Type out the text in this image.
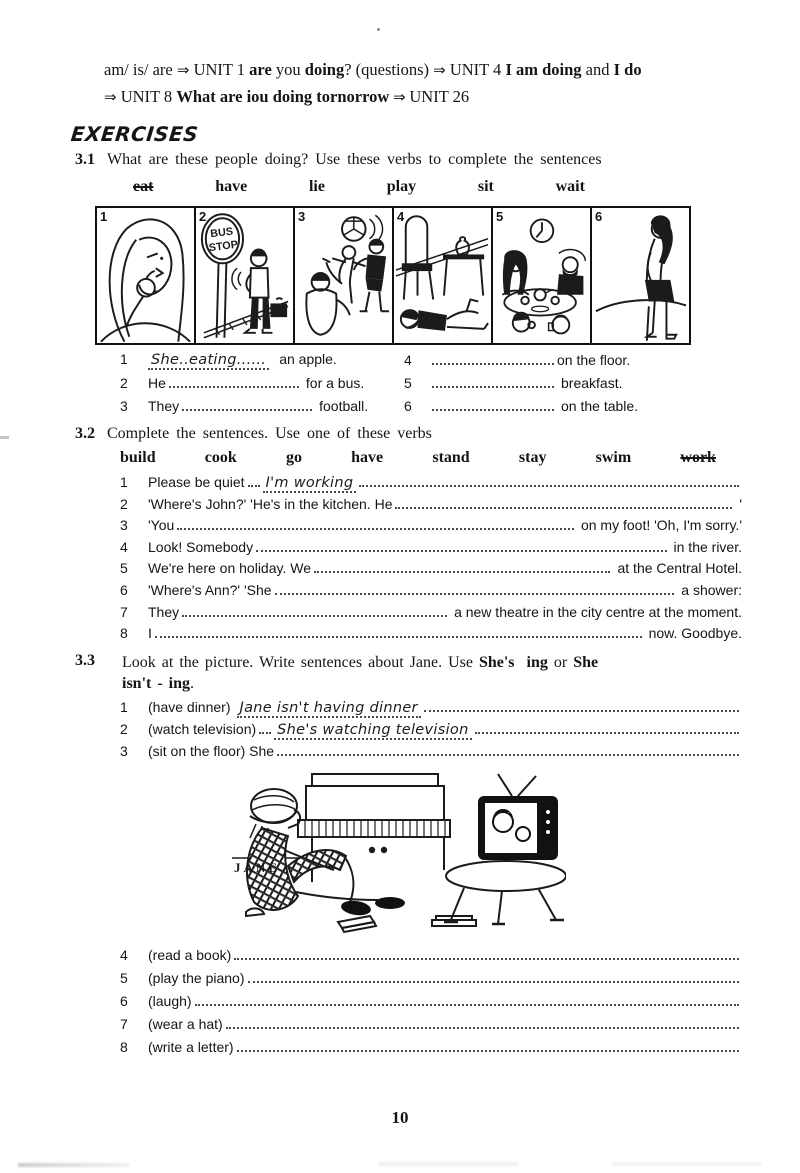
am/ is/ are ⇒ UNIT 1 are you doing? (questions) ⇒ UNIT 4 I am doing and I do

⇒ UNIT 8 What are iou doing tornorrow ⇒ UNIT 26

EXERCISES
3.1 What are these people doing? Use these verbs to complete the sentences
eat	have	lie	play	sit	wait
1	2
BUS
STOP
3	4	5	6
1	She..eating...... an apple.
2	He	for a bus.
3	They	football.
4	on the floor.
5	breakfast.
6	on the table.
3.2 Complete the sentences. Use one of these verbs
build	cook	go	have	stand	stay	swim	work
1	Please be quiet I'm working
2	'Where's John?' 'He's in the kitchen. He	'
3	'You	on my foot! 'Oh, I'm sorry.'
4	Look! Somebody	in the river.
5	We're here on holiday. We	at the Central Hotel.
6	'Where's Ann?' 'She	a shower:
7	They	a new theatre in the city centre at the moment.
8	I	now. Goodbye.
3.3	Look at the picture. Write sentences about Jane. Use She's  ing or She

isn't - ing.

1	(have dinner) Jane isn't having dinner
2	(watch television) She's watching television
3	(sit on the floor) She
JANE
4	(read a book)
5	(play the piano)
6	(laugh)
7	(wear a hat)
8	(write a letter)
10
